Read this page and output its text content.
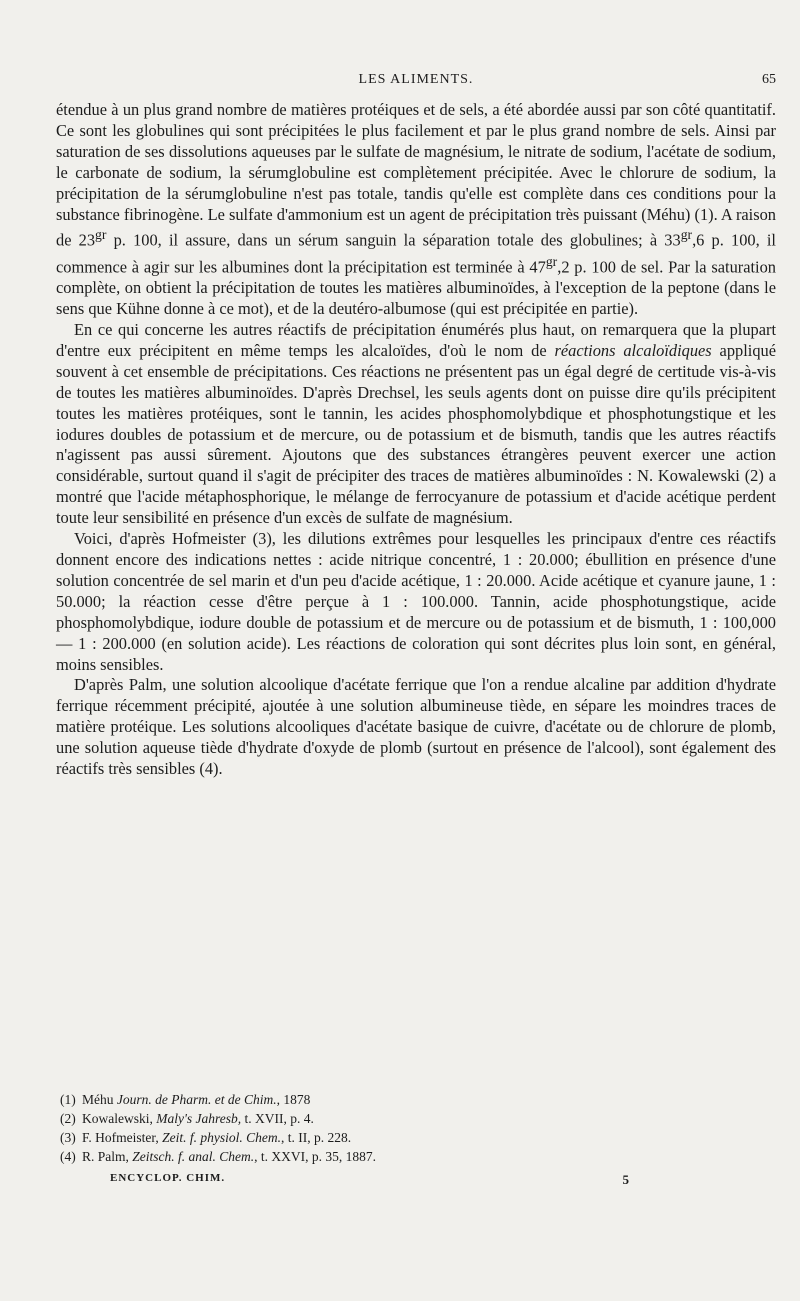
LES ALIMENTS.	65

étendue à un plus grand nombre de matières protéiques et de sels, a été abordée aussi par son côté quantitatif. Ce sont les globulines qui sont précipitées le plus facilement et par le plus grand nombre de sels. Ainsi par saturation de ses dissolutions aqueuses par le sulfate de magnésium, le nitrate de sodium, l'acétate de sodium, le carbonate de sodium, la sérumglobuline est complètement précipitée. Avec le chlorure de sodium, la précipitation de la sérumglobuline n'est pas totale, tandis qu'elle est complète dans ces conditions pour la substance fibrinogène. Le sulfate d'ammonium est un agent de précipitation très puissant (Méhu) (1). A raison de $23^{gr}$ p. 100, il assure, dans un sérum sanguin la séparation totale des globulines; à $33^{gr},6$ p. 100, il commence à agir sur les albumines dont la précipitation est terminée à $47^{gr},2$ p. 100 de sel. Par la saturation complète, on obtient la précipitation de toutes les matières albuminoïdes, à l'exception de la peptone (dans le sens que Kühne donne à ce mot), et de la deutéro-albumose (qui est précipitée en partie).

En ce qui concerne les autres réactifs de précipitation énumérés plus haut, on remarquera que la plupart d'entre eux précipitent en même temps les alcaloïdes, d'où le nom de réactions alcaloïdiques appliqué souvent à cet ensemble de précipitations. Ces réactions ne présentent pas un égal degré de certitude vis-à-vis de toutes les matières albuminoïdes. D'après Drechsel, les seuls agents dont on puisse dire qu'ils précipitent toutes les matières protéiques, sont le tannin, les acides phosphomolybdique et phosphotungstique et les iodures doubles de potassium et de mercure, ou de potassium et de bismuth, tandis que les autres réactifs n'agissent pas aussi sûrement. Ajoutons que des substances étrangères peuvent exercer une action considérable, surtout quand il s'agit de précipiter des traces de matières albuminoïdes : N. Kowalewski (2) a montré que l'acide métaphosphorique, le mélange de ferrocyanure de potassium et d'acide acétique perdent toute leur sensibilité en présence d'un excès de sulfate de magnésium.

Voici, d'après Hofmeister (3), les dilutions extrêmes pour lesquelles les principaux d'entre ces réactifs donnent encore des indications nettes : acide nitrique concentré, 1 : 20.000; ébullition en présence d'une solution concentrée de sel marin et d'un peu d'acide acétique, 1 : 20.000. Acide acétique et cyanure jaune, 1 : 50.000; la réaction cesse d'être perçue à 1 : 100.000. Tannin, acide phosphotungstique, acide phosphomolybdique, iodure double de potassium et de mercure ou de potassium et de bismuth, 1 : 100,000 — 1 : 200.000 (en solution acide). Les réactions de coloration qui sont décrites plus loin sont, en général, moins sensibles.

D'après Palm, une solution alcoolique d'acétate ferrique que l'on a rendue alcaline par addition d'hydrate ferrique récemment précipité, ajoutée à une solution albumineuse tiède, en sépare les moindres traces de matière protéique. Les solutions alcooliques d'acétate basique de cuivre, d'acétate ou de chlorure de plomb, une solution aqueuse tiède d'hydrate d'oxyde de plomb (surtout en présence de l'alcool), sont également des réactifs très sensibles (4).

(1) Méhu Journ. de Pharm. et de Chim., 1878

(2) Kowalewski, Maly's Jahresb, t. XVII, p. 4.

(3) F. Hofmeister, Zeit. f. physiol. Chem., t. II, p. 228.

(4) R. Palm, Zeitsch. f. anal. Chem., t. XXVI, p. 35, 1887.

ENCYCLOP. CHIM.	5
